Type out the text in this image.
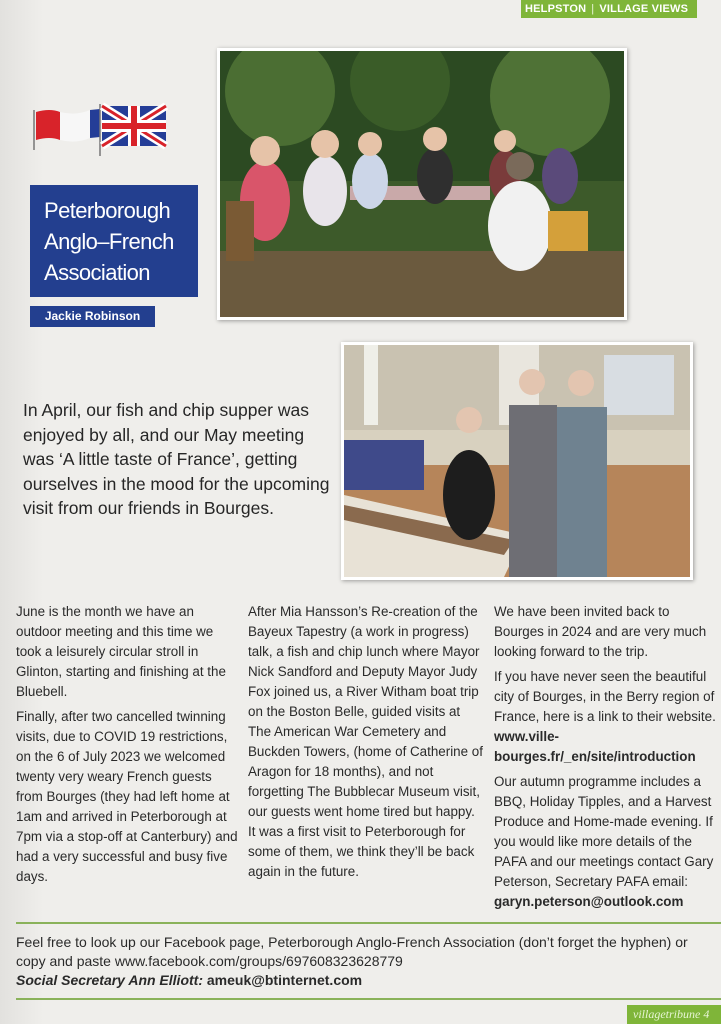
HELPSTON | VILLAGE VIEWS
Peterborough
Anglo–French
Association
Jackie Robinson
In April, our fish and chip supper was enjoyed by all, and our May meeting was ‘A little taste of France’, getting ourselves in the mood for the upcoming visit from our friends in Bourges.

June is the month we have an outdoor meeting and this time we took a leisurely circular stroll in Glinton, starting and finishing at the Bluebell.

Finally, after two cancelled twinning visits, due to COVID 19 restrictions, on the 6 of July 2023 we welcomed twenty very weary French guests from Bourges (they had left home at 1am and arrived in Peterborough at 7pm via a stop-off at Canterbury) and had a very successful and busy five days.

After Mia Hansson’s Re-creation of the Bayeux Tapestry (a work in progress) talk, a fish and chip lunch where Mayor Nick Sandford and Deputy Mayor Judy Fox joined us, a River Witham boat trip on the Boston Belle, guided visits at The American War Cemetery and Buckden Towers, (home of Catherine of Aragon for 18 months), and not forgetting The Bubblecar Museum visit, our guests went home tired but happy. It was a first visit to Peterborough for some of them, we think they’ll be back again in the future.

We have been invited back to Bourges in 2024 and are very much looking forward to the trip.

If you have never seen the beautiful city of Bourges, in the Berry region of France, here is a link to their website. www.ville-bourges.fr/_en/site/introduction

Our autumn programme includes a BBQ, Holiday Tipples, and a Harvest Produce and Home-made evening. If you would like more details of the PAFA and our meetings contact Gary Peterson, Secretary PAFA email: garyn.peterson@outlook.com

Feel free to look up our Facebook page, Peterborough Anglo-French Association (don’t forget the hyphen) or copy and paste www.facebook.com/groups/697608323628779
Social Secretary Ann Elliott: ameuk@btinternet.com
villagetribune 4
